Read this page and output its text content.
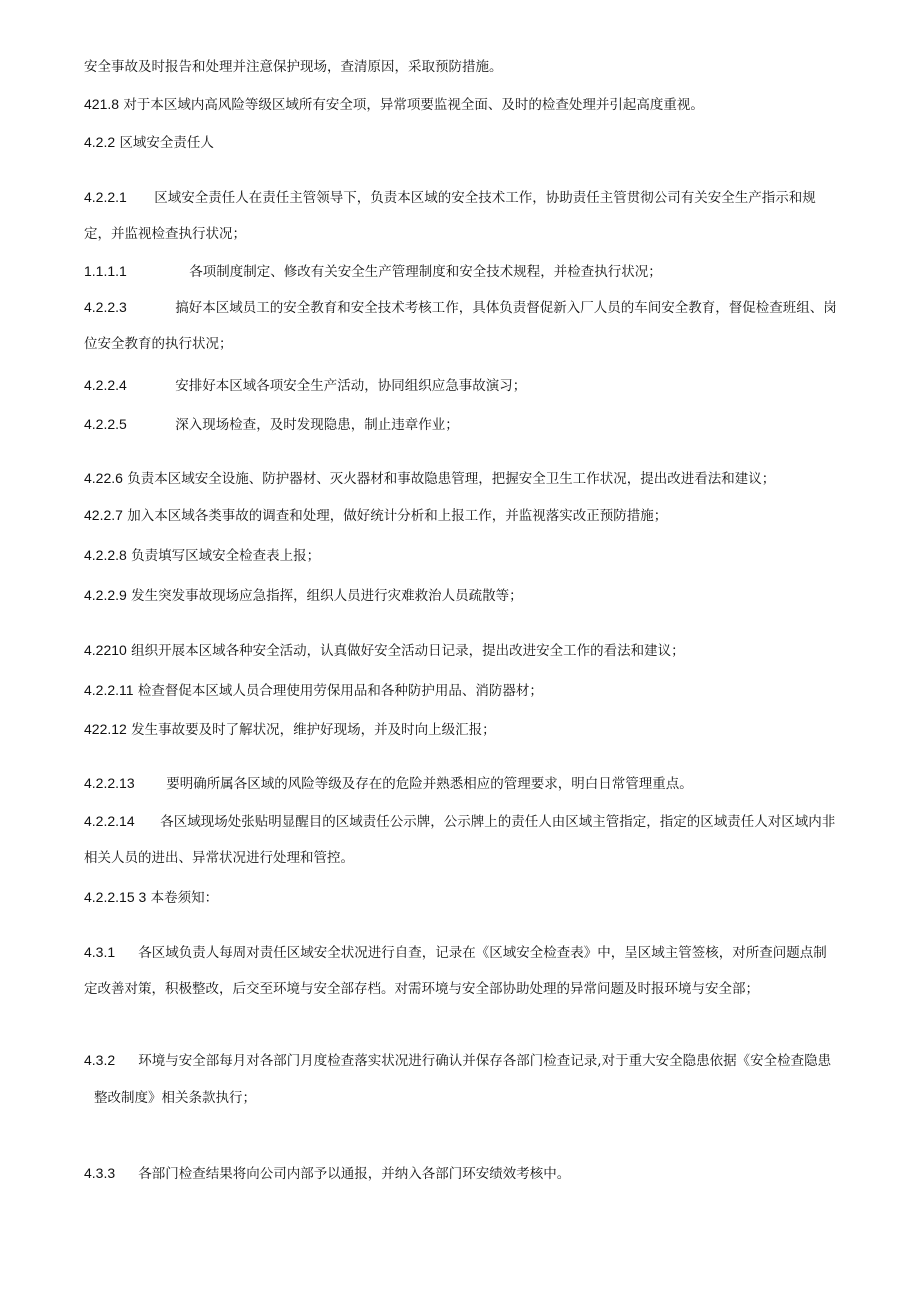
安全事故及时报告和处理并注意保护现场，查清原因，采取预防措施。
421.8 对于本区域内高风险等级区域所有安全项，异常项要监视全面、及时的检查处理并引起高度重视。
4.2.2 区域安全责任人
4.2.2.1 区域安全责任人在责任主管领导下，负责本区域的安全技术工作，协助责任主管贯彻公司有关安全生产指示和规
定，并监视检查执行状况；
1.1.1.1	各项制度制定、修改有关安全生产管理制度和安全技术规程，并检查执行状况；
4.2.2.3	搞好本区域员工的安全教育和安全技术考核工作，具体负责督促新入厂人员的车间安全教育，督促检查班组、岗
位安全教育的执行状况；
4.2.2.4	安排好本区域各项安全生产活动，协同组织应急事故演习；
4.2.2.5	深入现场检查，及时发现隐患，制止违章作业；
4.22.6 负责本区域安全设施、防护器材、灭火器材和事故隐患管理，把握安全卫生工作状况，提出改进看法和建议；
42.2.7 加入本区域各类事故的调查和处理，做好统计分析和上报工作，并监视落实改正预防措施；
4.2.2.8 负责填写区域安全检查表上报；
4.2.2.9 发生突发事故现场应急指挥，组织人员进行灾难救治人员疏散等；
4.2210 组织开展本区域各种安全活动，认真做好安全活动日记录，提出改进安全工作的看法和建议；
4.2.2.11 检查督促本区域人员合理使用劳保用品和各种防护用品、消防器材；
422.12 发生事故要及时了解状况，维护好现场，并及时向上级汇报；
4.2.2.13 要明确所属各区域的风险等级及存在的危险并熟悉相应的管理要求，明白日常管理重点。
4.2.2.14 各区域现场处张贴明显醒目的区域责任公示牌，公示牌上的责任人由区域主管指定，指定的区域责任人对区域内非
相关人员的进出、异常状况进行处理和管控。
4.2.2.15 3 本卷须知：
4.3.1 各区域负责人每周对责任区域安全状况进行自查，记录在《区域安全检查表》中，呈区域主管签核，对所查问题点制
定改善对策，积极整改，后交至环境与安全部存档。对需环境与安全部协助处理的异常问题及时报环境与安全部；
4.3.2 环境与安全部每月对各部门月度检查落实状况进行确认并保存各部门检查记录,对于重大安全隐患依据《安全检查隐患
整改制度》相关条款执行；
4.3.3 各部门检查结果将向公司内部予以通报，并纳入各部门环安绩效考核中。
